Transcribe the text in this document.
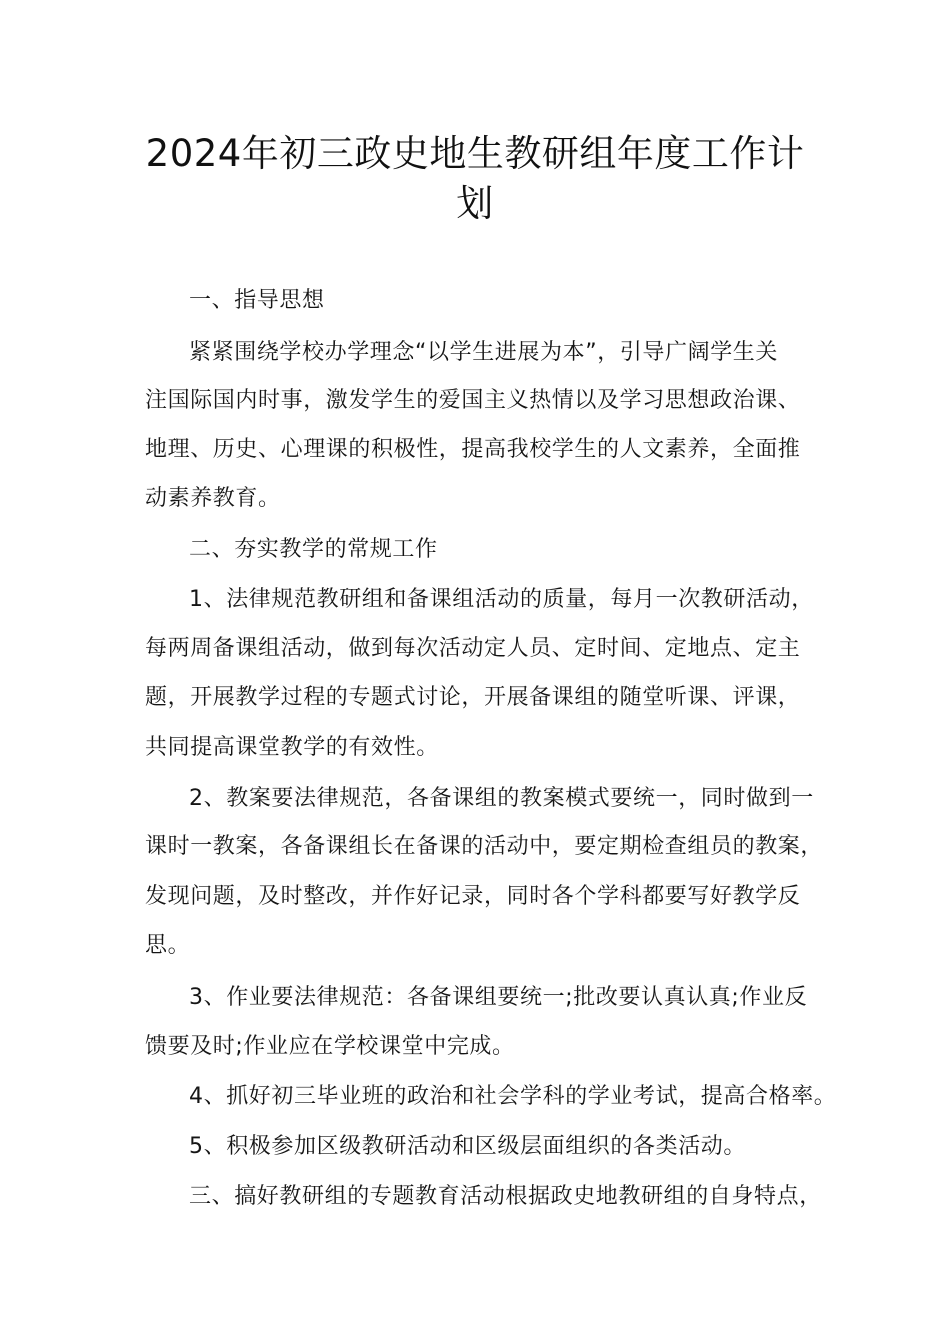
2024年初三政史地生教研组年度工作计
划
一、指导思想
紧紧围绕学校办学理念“以学生进展为本”，引导广阔学生关
注国际国内时事，激发学生的爱国主义热情以及学习思想政治课、
地理、历史、心理课的积极性，提高我校学生的人文素养，全面推
动素养教育。
二、夯实教学的常规工作
1、法律规范教研组和备课组活动的质量，每月一次教研活动，
每两周备课组活动，做到每次活动定人员、定时间、定地点、定主
题，开展教学过程的专题式讨论，开展备课组的随堂听课、评课，
共同提高课堂教学的有效性。
2、教案要法律规范，各备课组的教案模式要统一，同时做到一
课时一教案，各备课组长在备课的活动中，要定期检查组员的教案，
发现问题，及时整改，并作好记录，同时各个学科都要写好教学反
思。
3、作业要法律规范：各备课组要统一;批改要认真认真;作业反
馈要及时;作业应在学校课堂中完成。
4、抓好初三毕业班的政治和社会学科的学业考试，提高合格率。
5、积极参加区级教研活动和区级层面组织的各类活动。
三、搞好教研组的专题教育活动根据政史地教研组的自身特点，
